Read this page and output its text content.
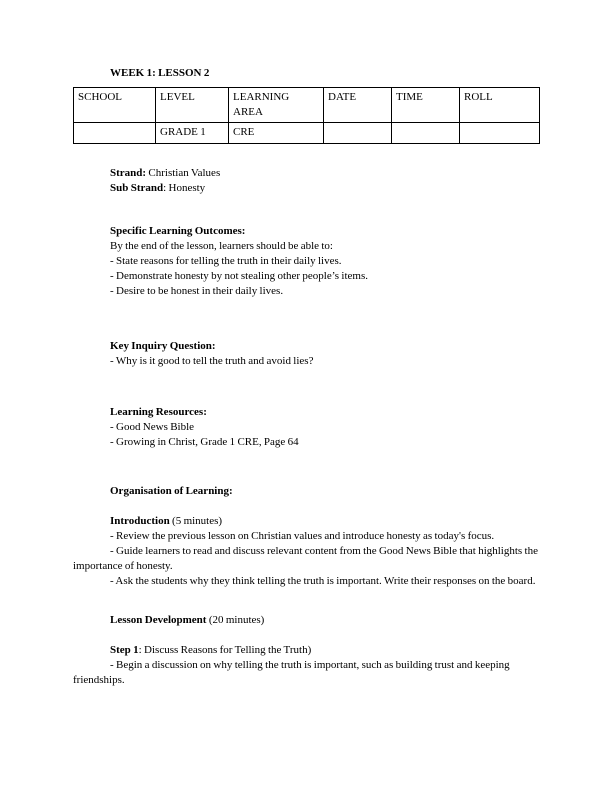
WEEK 1: LESSON 2

SCHOOL	LEVEL	LEARNING AREA	DATE	TIME	ROLL
	GRADE 1	CRE			

Strand: Christian Values

Sub Strand: Honesty

Specific Learning Outcomes:

By the end of the lesson, learners should be able to:

- State reasons for telling the truth in their daily lives.

- Demonstrate honesty by not stealing other people’s items.

- Desire to be honest in their daily lives.

Key Inquiry Question:

- Why is it good to tell the truth and avoid lies?

Learning Resources:

- Good News Bible

- Growing in Christ, Grade 1 CRE, Page 64

Organisation of Learning:

Introduction (5 minutes)

- Review the previous lesson on Christian values and introduce honesty as today's focus.

- Guide learners to read and discuss relevant content from the Good News Bible that highlights the importance of honesty.

- Ask the students why they think telling the truth is important. Write their responses on the board.

Lesson Development (20 minutes)

Step 1: Discuss Reasons for Telling the Truth)

- Begin a discussion on why telling the truth is important, such as building trust and keeping friendships.
